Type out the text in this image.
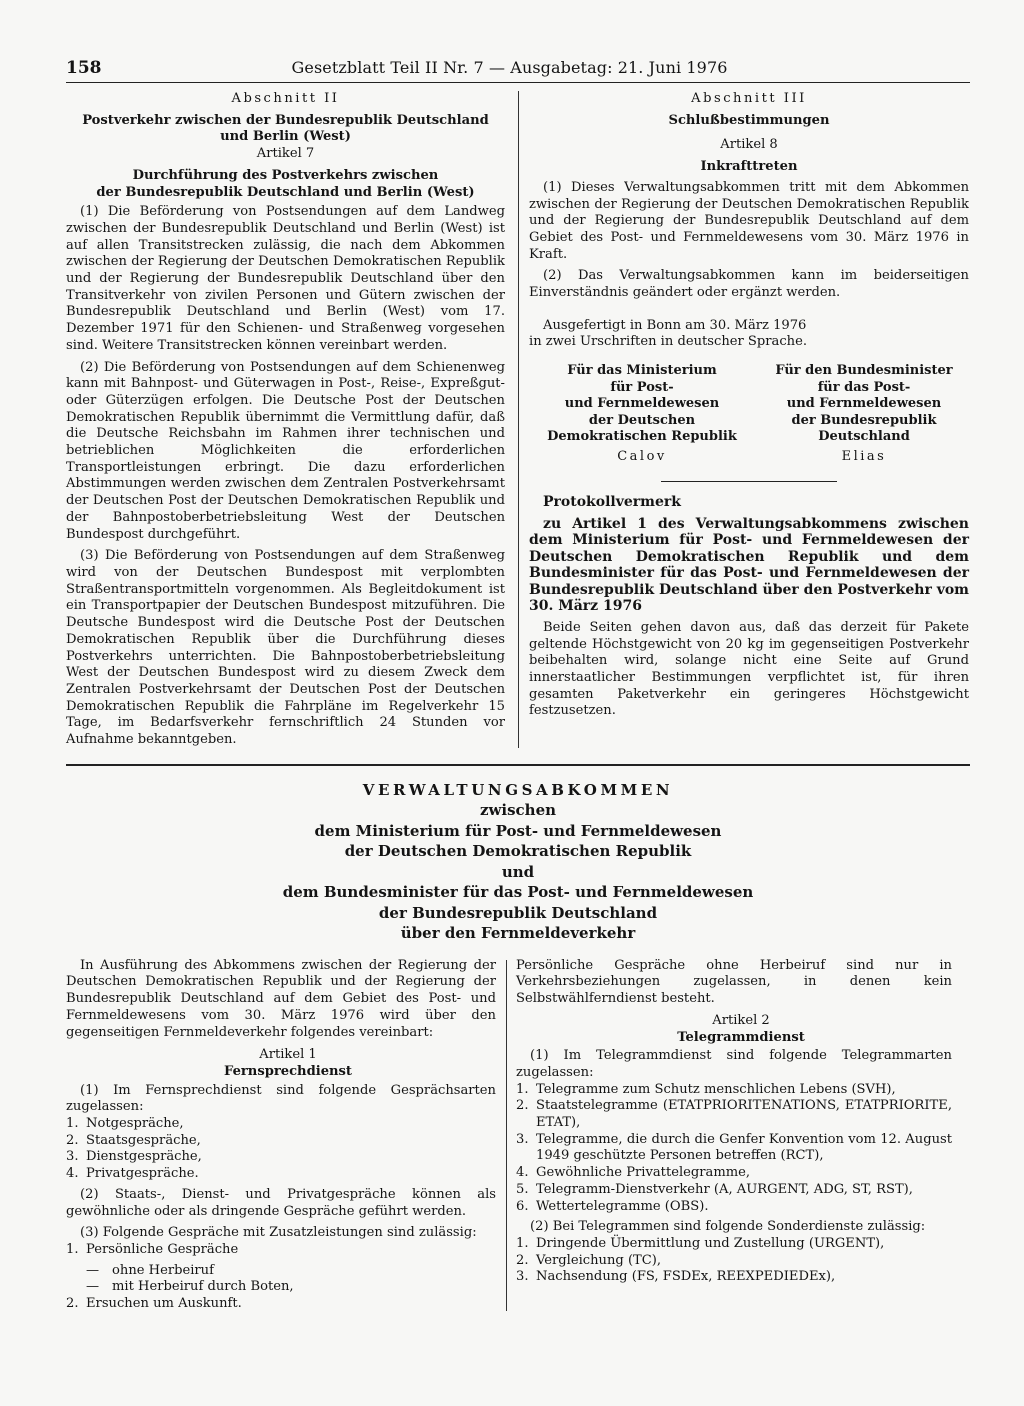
158	Gesetzblatt Teil II Nr. 7 — Ausgabetag: 21. Juni 1976

Abschnitt II

Postverkehr zwischen der Bundesrepublik Deutschland

und Berlin (West)

Artikel 7

Durchführung des Postverkehrs zwischen

der Bundesrepublik Deutschland und Berlin (West)

(1) Die Beförderung von Postsendungen auf dem Landweg zwischen der Bundesrepublik Deutschland und Berlin (West) ist auf allen Transitstrecken zulässig, die nach dem Abkommen zwischen der Regierung der Deutschen Demokratischen Republik und der Regierung der Bundesrepublik Deutschland über den Transitverkehr von zivilen Personen und Gütern zwischen der Bundesrepublik Deutschland und Berlin (West) vom 17. Dezember 1971 für den Schienen- und Straßenweg vorgesehen sind. Weitere Transitstrecken können vereinbart werden.

(2) Die Beförderung von Postsendungen auf dem Schienenweg kann mit Bahnpost- und Güterwagen in Post-, Reise-, Expreßgut- oder Güterzügen erfolgen. Die Deutsche Post der Deutschen Demokratischen Republik übernimmt die Vermittlung dafür, daß die Deutsche Reichsbahn im Rahmen ihrer technischen und betrieblichen Möglichkeiten die erforderlichen Transportleistungen erbringt. Die dazu erforderlichen Abstimmungen werden zwischen dem Zentralen Postverkehrsamt der Deutschen Post der Deutschen Demokratischen Republik und der Bahnpostoberbetriebsleitung West der Deutschen Bundespost durchgeführt.

(3) Die Beförderung von Postsendungen auf dem Straßenweg wird von der Deutschen Bundespost mit verplombten Straßentransportmitteln vorgenommen. Als Begleitdokument ist ein Transportpapier der Deutschen Bundespost mitzuführen. Die Deutsche Bundespost wird die Deutsche Post der Deutschen Demokratischen Republik über die Durchführung dieses Postverkehrs unterrichten. Die Bahnpostoberbetriebsleitung West der Deutschen Bundespost wird zu diesem Zweck dem Zentralen Postverkehrsamt der Deutschen Post der Deutschen Demokratischen Republik die Fahrpläne im Regelverkehr 15 Tage, im Bedarfsverkehr fernschriftlich 24 Stunden vor Aufnahme bekanntgeben.

Abschnitt III

Schlußbestimmungen

Artikel 8

Inkrafttreten

(1) Dieses Verwaltungsabkommen tritt mit dem Abkommen zwischen der Regierung der Deutschen Demokratischen Republik und der Regierung der Bundesrepublik Deutschland auf dem Gebiet des Post- und Fernmeldewesens vom 30. März 1976 in Kraft.

(2) Das Verwaltungsabkommen kann im beiderseitigen Einverständnis geändert oder ergänzt werden.

Ausgefertigt in Bonn am 30. März 1976

in zwei Urschriften in deutscher Sprache.

Für das Ministerium
für Post-
und Fernmeldewesen
der Deutschen
Demokratischen Republik
Calov
Für den Bundesminister
für das Post-
und Fernmeldewesen
der Bundesrepublik
Deutschland
Elias

Protokollvermerk

zu Artikel 1 des Verwaltungsabkommens zwischen dem Ministerium für Post- und Fernmeldewesen der Deutschen Demokratischen Republik und dem Bundesminister für das Post- und Fernmeldewesen der Bundesrepublik Deutschland über den Postverkehr vom 30. März 1976

Beide Seiten gehen davon aus, daß das derzeit für Pakete geltende Höchstgewicht von 20 kg im gegenseitigen Postverkehr beibehalten wird, solange nicht eine Seite auf Grund innerstaatlicher Bestimmungen verpflichtet ist, für ihren gesamten Paketverkehr ein geringeres Höchstgewicht festzusetzen.

VERWALTUNGSABKOMMEN
zwischen
dem Ministerium für Post- und Fernmeldewesen
der Deutschen Demokratischen Republik
und
dem Bundesminister für das Post- und Fernmeldewesen
der Bundesrepublik Deutschland
über den Fernmeldeverkehr

In Ausführung des Abkommens zwischen der Regierung der Deutschen Demokratischen Republik und der Regierung der Bundesrepublik Deutschland auf dem Gebiet des Post- und Fernmeldewesens vom 30. März 1976 wird über den gegenseitigen Fernmeldeverkehr folgendes vereinbart:

Artikel 1

Fernsprechdienst

(1) Im Fernsprechdienst sind folgende Gesprächsarten zugelassen:

1. Notgespräche,
2. Staatsgespräche,
3. Dienstgespräche,
4. Privatgespräche.

(2) Staats-, Dienst- und Privatgespräche können als gewöhnliche oder als dringende Gespräche geführt werden.

(3) Folgende Gespräche mit Zusatzleistungen sind zulässig:

1. Persönliche Gespräche
— ohne Herbeiruf
— mit Herbeiruf durch Boten,
2. Ersuchen um Auskunft.

Persönliche Gespräche ohne Herbeiruf sind nur in Verkehrsbeziehungen zugelassen, in denen kein Selbstwählferndienst besteht.

Artikel 2

Telegrammdienst

(1) Im Telegrammdienst sind folgende Telegrammarten zugelassen:

1. Telegramme zum Schutz menschlichen Lebens (SVH),
2. Staatstelegramme (ETATPRIORITENATIONS, ETATPRIORITE, ETAT),
3. Telegramme, die durch die Genfer Konvention vom 12. August 1949 geschützte Personen betreffen (RCT),
4. Gewöhnliche Privattelegramme,
5. Telegramm-Dienstverkehr (A, AURGENT, ADG, ST, RST),
6. Wettertelegramme (OBS).

(2) Bei Telegrammen sind folgende Sonderdienste zulässig:

1. Dringende Übermittlung und Zustellung (URGENT),
2. Vergleichung (TC),
3. Nachsendung (FS, FSDEx, REEXPEDIEDEx),
